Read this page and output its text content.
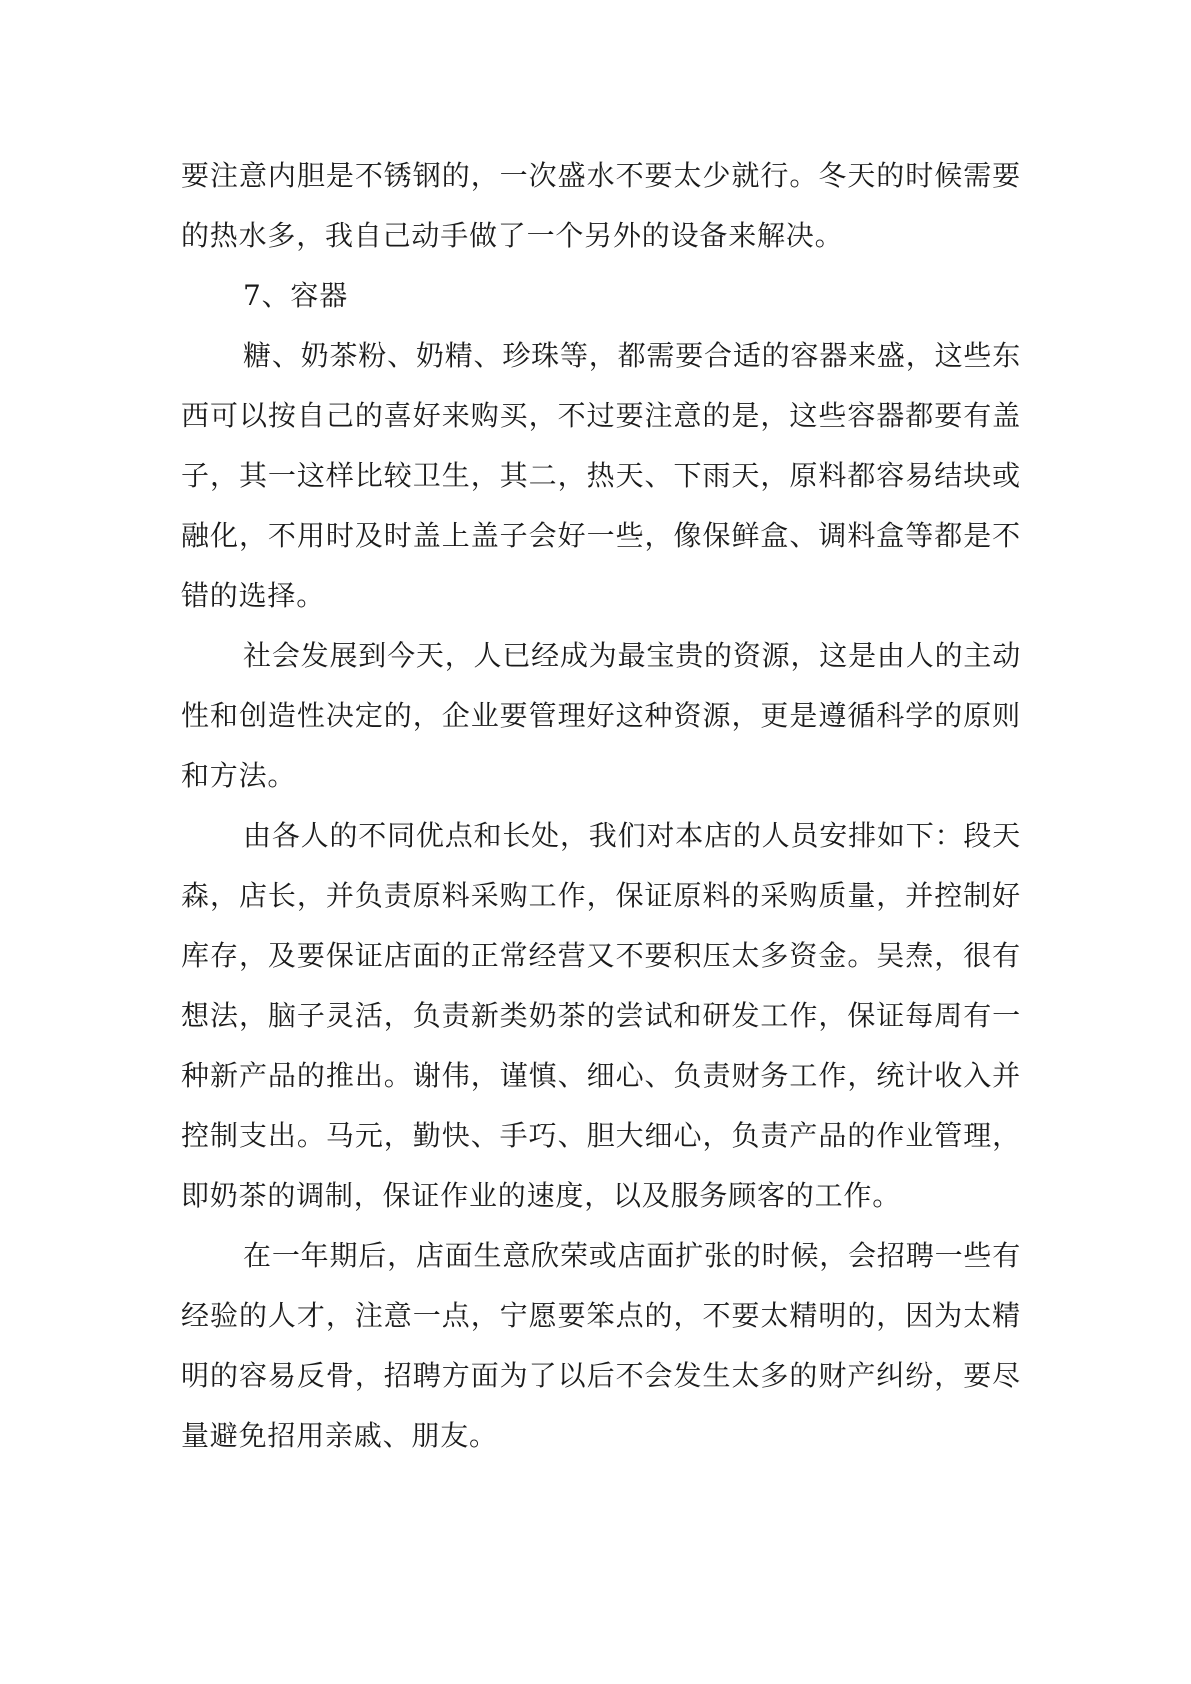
要注意内胆是不锈钢的，一次盛水不要太少就行。冬天的时候需要的热水多，我自己动手做了一个另外的设备来解决。

7、容器

糖、奶茶粉、奶精、珍珠等，都需要合适的容器来盛，这些东西可以按自己的喜好来购买，不过要注意的是，这些容器都要有盖子，其一这样比较卫生，其二，热天、下雨天，原料都容易结块或融化，不用时及时盖上盖子会好一些，像保鲜盒、调料盒等都是不错的选择。

社会发展到今天，人已经成为最宝贵的资源，这是由人的主动性和创造性决定的，企业要管理好这种资源，更是遵循科学的原则和方法。

由各人的不同优点和长处，我们对本店的人员安排如下：段天森，店长，并负责原料采购工作，保证原料的采购质量，并控制好库存，及要保证店面的正常经营又不要积压太多资金。吴焘，很有想法，脑子灵活，负责新类奶茶的尝试和研发工作，保证每周有一种新产品的推出。谢伟，谨慎、细心、负责财务工作，统计收入并控制支出。马元，勤快、手巧、胆大细心，负责产品的作业管理，即奶茶的调制，保证作业的速度，以及服务顾客的工作。

在一年期后，店面生意欣荣或店面扩张的时候，会招聘一些有经验的人才，注意一点，宁愿要笨点的，不要太精明的，因为太精明的容易反骨，招聘方面为了以后不会发生太多的财产纠纷，要尽量避免招用亲戚、朋友。
